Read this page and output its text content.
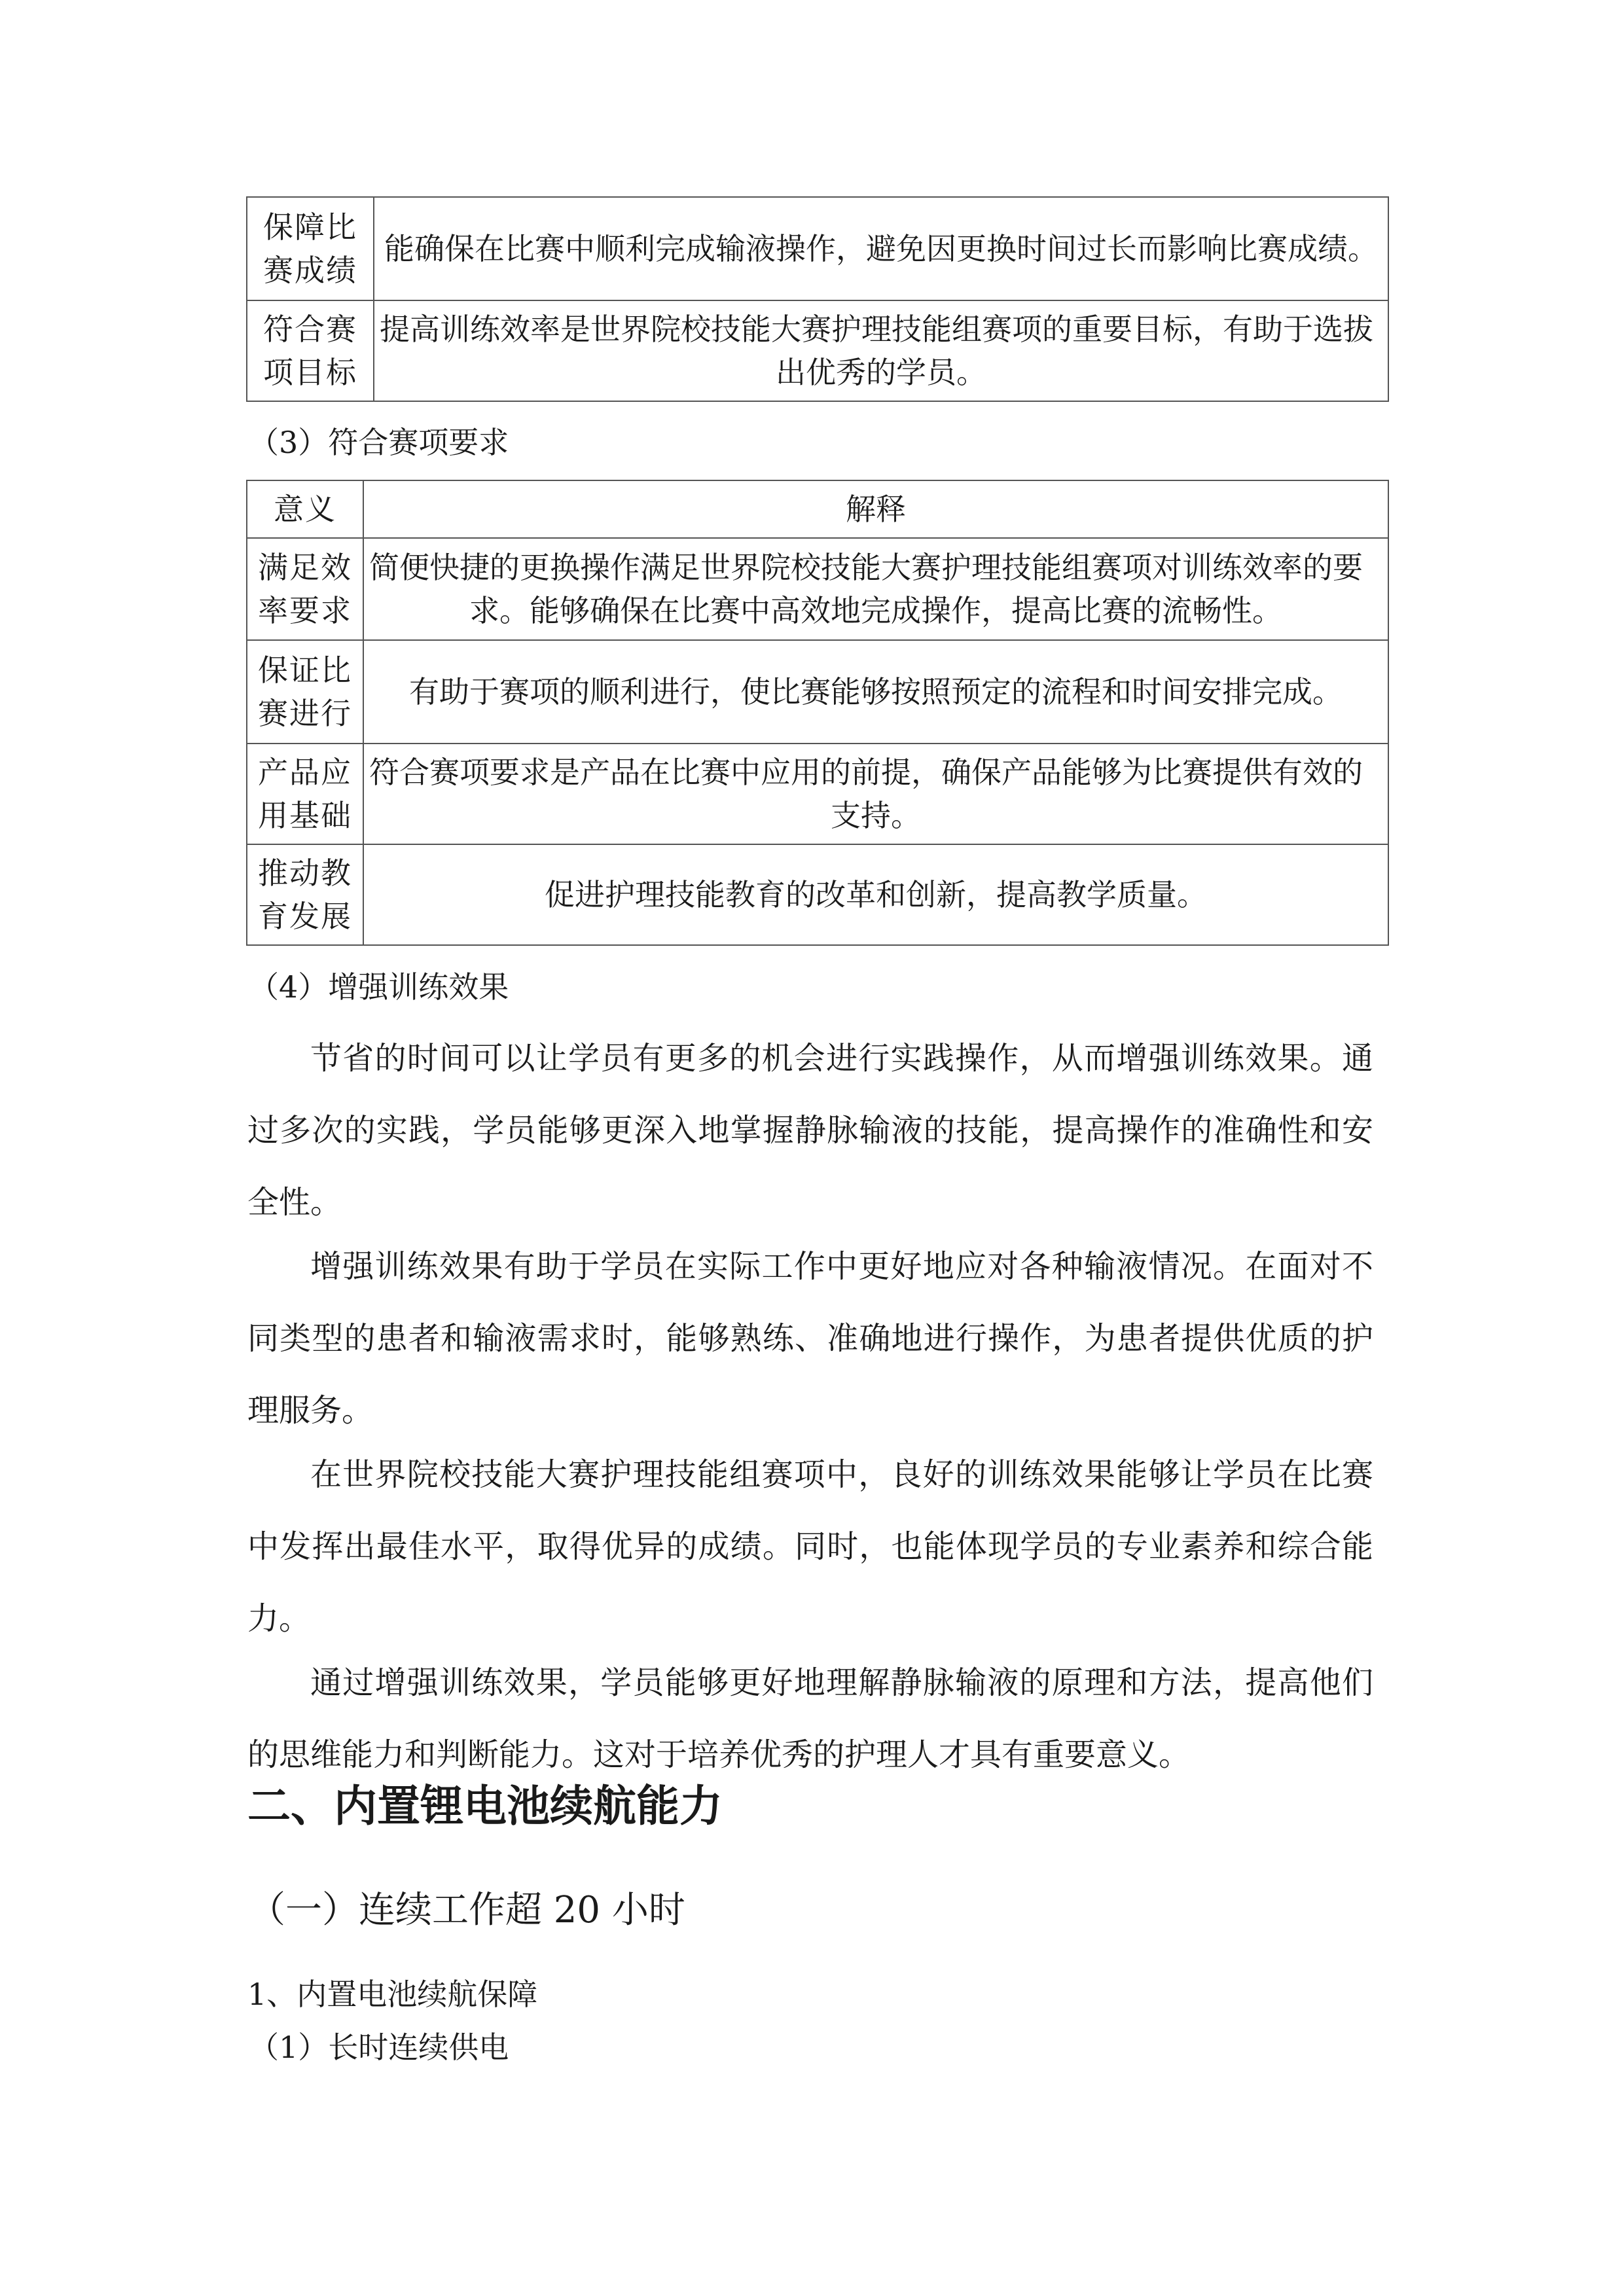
保障比赛成绩	能确保在比赛中顺利完成输液操作，避免因更换时间过长而影响比赛成绩。
符合赛项目标	提高训练效率是世界院校技能大赛护理技能组赛项的重要目标，有助于选拔出优秀的学员。
（3）符合赛项要求
意义	解释
满足效率要求	简便快捷的更换操作满足世界院校技能大赛护理技能组赛项对训练效率的要求。能够确保在比赛中高效地完成操作，提高比赛的流畅性。
保证比赛进行	有助于赛项的顺利进行，使比赛能够按照预定的流程和时间安排完成。
产品应用基础	符合赛项要求是产品在比赛中应用的前提，确保产品能够为比赛提供有效的支持。
推动教育发展	促进护理技能教育的改革和创新，提高教学质量。
（4）增强训练效果

节省的时间可以让学员有更多的机会进行实践操作，从而增强训练效果。通过多次的实践，学员能够更深入地掌握静脉输液的技能，提高操作的准确性和安全性。

增强训练效果有助于学员在实际工作中更好地应对各种输液情况。在面对不同类型的患者和输液需求时，能够熟练、准确地进行操作，为患者提供优质的护理服务。

在世界院校技能大赛护理技能组赛项中，良好的训练效果能够让学员在比赛中发挥出最佳水平，取得优异的成绩。同时，也能体现学员的专业素养和综合能力。

通过增强训练效果，学员能够更好地理解静脉输液的原理和方法，提高他们的思维能力和判断能力。这对于培养优秀的护理人才具有重要意义。

二、内置锂电池续航能力
（一）连续工作超 20 小时
1、内置电池续航保障
（1）长时连续供电
